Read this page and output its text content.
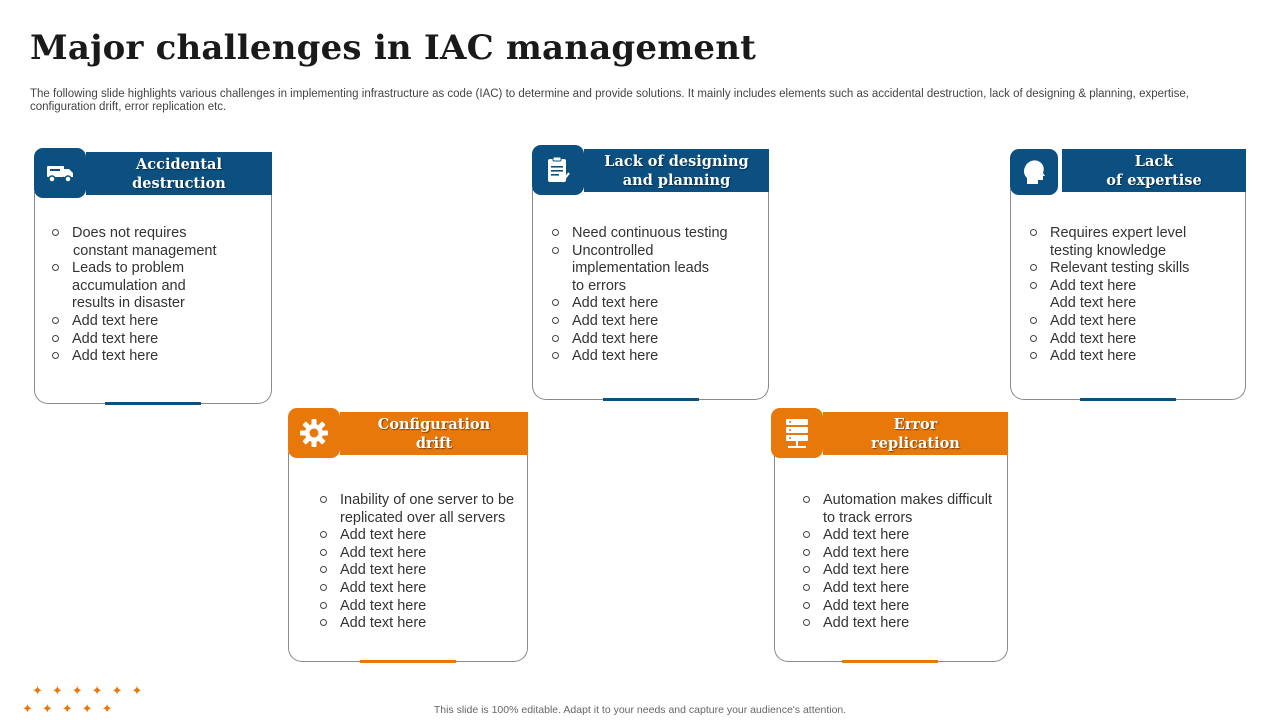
Major challenges in IAC management
The following slide highlights various challenges in implementing infrastructure as code (IAC) to determine and provide solutions. It mainly includes elements such as accidental destruction, lack of designing & planning, expertise, configuration drift, error replication etc.
Accidental
destruction
Does not requires
constant management
Leads to problem
accumulation and results in disaster
Add text here
Add text here
Add text here
Lack of designing
and planning
Need continuous testing
Uncontrolled
implementation leads to errors
Add text here
Add text here
Add text here
Add text here
Lack
of expertise
Requires expert level
testing knowledge
Relevant testing skills
Add text here
Add text here
Add text here
Add text here
Add text here
Configuration
drift
Inability of one server to be
replicated over all servers
Add text here
Add text here
Add text here
Add text here
Add text here
Add text here
Error
replication
Automation makes difficult
to track errors
Add text here
Add text here
Add text here
Add text here
Add text here
Add text here
✦✦✦✦✦✦
✦✦✦✦✦	This slide is 100% editable. Adapt it to your needs and capture your audience's attention.
